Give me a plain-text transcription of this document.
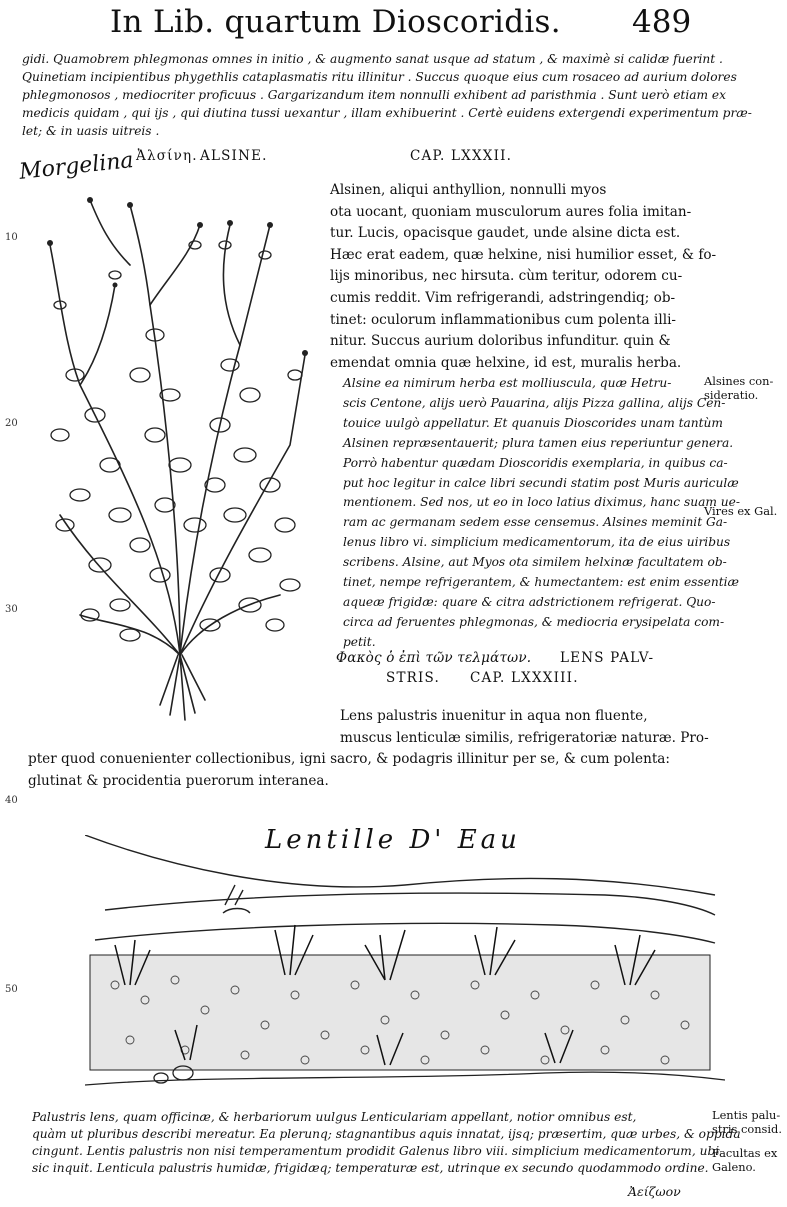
In Lib. quartum Dioscoridis. 489
gidi. Quamobrem phlegmonas omnes in initio , & augmento sanat usque ad statum , & maximè si calidæ fuerint .
Quinetiam incipientibus phygethlis cataplasmatis ritu illinitur . Succus quoque eius cum rosaceo ad aurium dolores
phlegmonosos , mediocriter proficuus . Gargarizandum item nonnulli exhibent ad paristhmia . Sunt uerò etiam ex
medicis quidam , qui ijs , qui diutina tussi uexantur , illam exhibuerint . Certè euidens extergendi experimentum præ-
let; & in uasis uitreis .
Morgelina Ἀλσίνη. ALSINE.	CAP. LXXXII.
10
20
30
40
50
Alsinen, aliqui anthyllion, nonnulli myos
ota uocant, quoniam musculorum aures folia imitan-
tur. Lucis, opacisque gaudet, unde alsine dicta est.
Hæc erat eadem, quæ helxine, nisi humilior esset, & fo-
lijs minoribus, nec hirsuta. cùm teritur, odorem cu-
cumis reddit. Vim refrigerandi, adstringendiq; ob-
tinet: oculorum inflammationibus cum polenta illi-
nitur. Succus aurium doloribus infunditur. quin &
emendat omnia quæ helxine, id est, muralis herba.
Alsine ea nimirum herba est molliuscula, quæ Hetru-
scis Centone, alijs uerò Pauarina, alijs Pizza gallina, alijs Cen-
touice uulgò appellatur. Et quanuis Dioscorides unam tantùm
Alsinen repræsentauerit; plura tamen eius reperiuntur genera.
Porrò habentur quædam Dioscoridis exemplaria, in quibus ca-
put hoc legitur in calce libri secundi statim post Muris auriculæ
mentionem. Sed nos, ut eo in loco latius diximus, hanc suam ue-
ram ac germanam sedem esse censemus. Alsines meminit Ga-
lenus libro vi. simplicium medicamentorum, ita de eius uiribus
scribens. Alsine, aut Myos ota similem helxinæ facultatem ob-
tinet, nempe refrigerantem, & humectantem: est enim essentiæ
aqueæ frigidæ: quare & citra adstrictionem refrigerat. Quo-
circa ad feruentes phlegmonas, & mediocria erysipelata com-
petit.
Alsines con-
sideratio.
Vires ex Gal.
Φακὸς ὁ ἐπὶ τῶν τελμάτων. LENS PALV-
STRIS. CAP. LXXXIII.
Lens palustris inuenitur in aqua non fluente,
muscus lenticulæ similis, refrigeratoriæ naturæ. Pro-
pter quod conuenienter collectionibus, igni sacro, & podagris illinitur per se, & cum polenta:
glutinat & procidentia puerorum interanea.
Lentille D' Eau
Palustris lens, quam officinæ, & herbariorum uulgus Lenticulariam appellant, notior omnibus est,
quàm ut pluribus describi mereatur. Ea plerunq; stagnantibus aquis innatat, ijsq; præsertim, quæ urbes, & oppida
cingunt. Lentis palustris non nisi temperamentum prodidit Galenus libro viii. simplicium medicamentorum, ubi
sic inquit. Lenticula palustris humidæ, frigidæq; temperaturæ est, utrinque ex secundo quodammodo ordine.
Lentis palu-
stris consid.
Facultas ex
Galeno.
Ἀείζωον
